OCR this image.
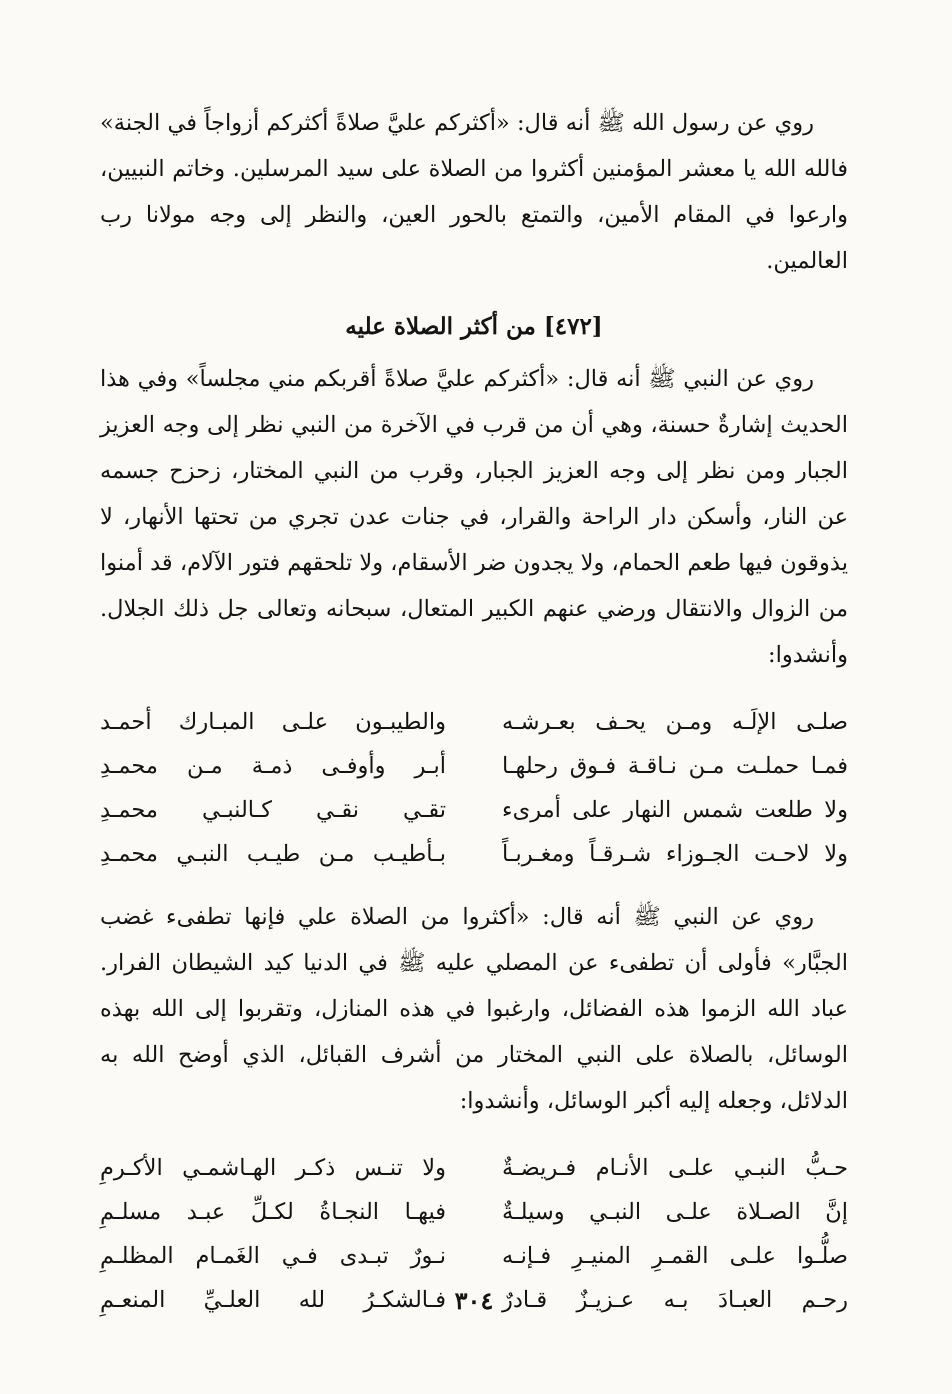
روي عن رسول الله ﷺ أنه قال: «أكثركم عليَّ صلاةً أكثركم أزواجاً في الجنة» فالله الله يا معشر المؤمنين أكثروا من الصلاة على سيد المرسلين. وخاتم النبيين، وارعوا في المقام الأمين، والتمتع بالحور العين، والنظر إلى وجه مولانا رب العالمين.

[٤٧٢] من أكثر الصلاة عليه

روي عن النبي ﷺ أنه قال: «أكثركم عليَّ صلاةً أقربكم مني مجلساً» وفي هذا الحديث إشارةٌ حسنة، وهي أن من قرب في الآخرة من النبي نظر إلى وجه العزيز الجبار ومن نظر إلى وجه العزيز الجبار، وقرب من النبي المختار، زحزح جسمه عن النار، وأسكن دار الراحة والقرار، في جنات عدن تجري من تحتها الأنهار، لا يذوقون فيها طعم الحمام، ولا يجدون ضر الأسقام، ولا تلحقهم فتور الآلام، قد أمنوا من الزوال والانتقال ورضي عنهم الكبير المتعال، سبحانه وتعالى جل ذلك الجلال. وأنشدوا:

صلـى الإلَـه ومـن يحـف بعـرشـه
والطيبـون علـى المبـارك أحمـد
فمـا حملـت مـن نـاقـة فـوق رحلهـا
أبـر وأوفـى ذمـة مـن محمـدِ
ولا طلعت شمس النهار على أمرىء
تقـي نقـي كـالنبـي محمـدِ
ولا لاحـت الجـوزاء شـرقـاً ومغـربـاً
بـأطيـب مـن طيـب النبـي محمـدِ

روي عن النبي ﷺ أنه قال: «أكثروا من الصلاة علي فإنها تطفىء غضب الجبَّار» فأولى أن تطفىء عن المصلي عليه ﷺ في الدنيا كيد الشيطان الفرار. عباد الله الزموا هذه الفضائل، وارغبوا في هذه المنازل، وتقربوا إلى الله بهذه الوسائل، بالصلاة على النبي المختار من أشرف القبائل، الذي أوضح الله به الدلائل، وجعله إليه أكبر الوسائل، وأنشدوا:

حـبُّ النبـي علـى الأنـام فـريضـةٌ
ولا تنـس ذكـر الهـاشمـي الأكـرمِ
إنَّ الصـلاة علـى النبـي وسيلـةٌ
فيهـا النجـاةُ لكـلِّ عبـد مسلـمِ
صلُّـوا علـى القمـرِ المنيـرِ فـإنـه
نـورٌ تبـدى فـي الغَمـام المظلـمِ
رحـم العبـادَ بـه عـزيـزٌ قـادرٌ
فـالشكـرُ لله العلـيِّ المنعـمِ ٣٠٤
